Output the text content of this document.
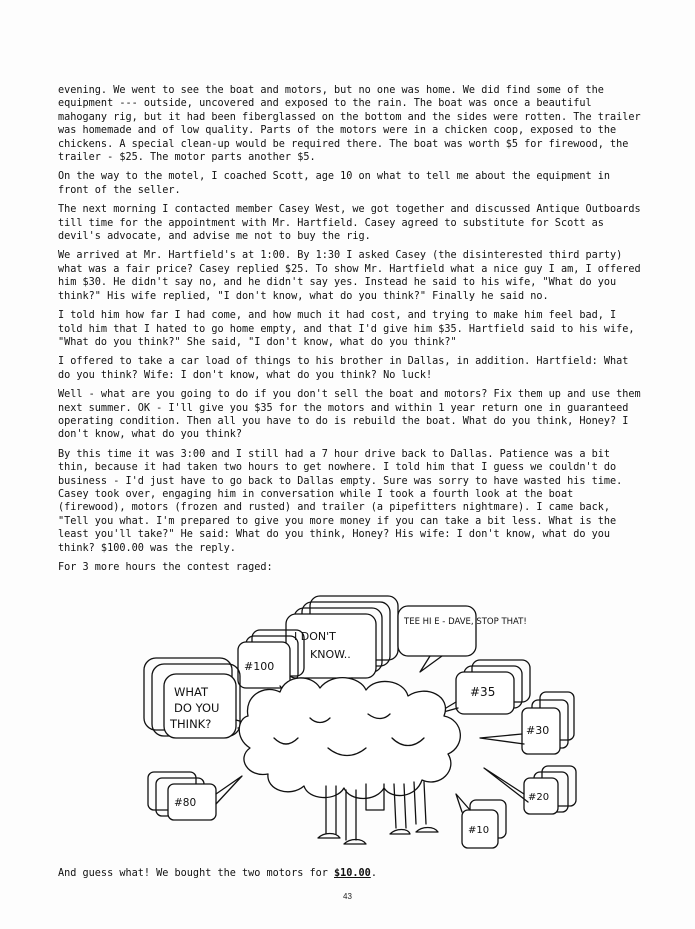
evening. We went to see the boat and motors, but no one was home. We did find some of the equipment --- outside, uncovered and exposed to the rain. The boat was once a beautiful mahogany rig, but it had been fiberglassed on the bottom and the sides were rotten. The trailer was homemade and of low quality. Parts of the motors were in a chicken coop, exposed to the chickens. A special clean-up would be required there. The boat was worth $5 for firewood, the trailer - $25. The motor parts another $5.

On the way to the motel, I coached Scott, age 10 on what to tell me about the equipment in front of the seller.

The next morning I contacted member Casey West, we got together and discussed Antique Outboards till time for the appointment with Mr. Hartfield. Casey agreed to substitute for Scott as devil's advocate, and advise me not to buy the rig.

We arrived at Mr. Hartfield's at 1:00. By 1:30 I asked Casey (the disinterested third party) what was a fair price? Casey replied $25. To show Mr. Hartfield what a nice guy I am, I offered him $30. He didn't say no, and he didn't say yes. Instead he said to his wife, "What do you think?" His wife replied, "I don't know, what do you think?" Finally he said no.

I told him how far I had come, and how much it had cost, and trying to make him feel bad, I told him that I hated to go home empty, and that I'd give him $35. Hartfield said to his wife, "What do you think?" She said, "I don't know, what do you think?"

I offered to take a car load of things to his brother in Dallas, in addition. Hartfield: What do you think? Wife: I don't know, what do you think? No luck!

Well - what are you going to do if you don't sell the boat and motors? Fix them up and use them next summer. OK - I'll give you $35 for the motors and within 1 year return one in guaranteed operating condition. Then all you have to do is rebuild the boat. What do you think, Honey? I don't know, what do you think?

By this time it was 3:00 and I still had a 7 hour drive back to Dallas. Patience was a bit thin, because it had taken two hours to get nowhere. I told him that I guess we couldn't do business - I'd just have to go back to Dallas empty. Sure was sorry to have wasted his time. Casey took over, engaging him in conversation while I took a fourth look at the boat (firewood), motors (frozen and rusted) and trailer (a pipefitters nightmare). I came back, "Tell you what. I'm prepared to give you more money if you can take a bit less. What is the least you'll take?" He said: What do you think, Honey? His wife: I don't know, what do you think? $100.00 was the reply.

For 3 more hours the contest raged:

I DON'T
KNOW..
TEE HI E - DAVE, STOP THAT!
#100
WHAT
DO YOU
THINK?
#35
#30
#20
#80
#10
And guess what! We bought the two motors for $10.00.
43
